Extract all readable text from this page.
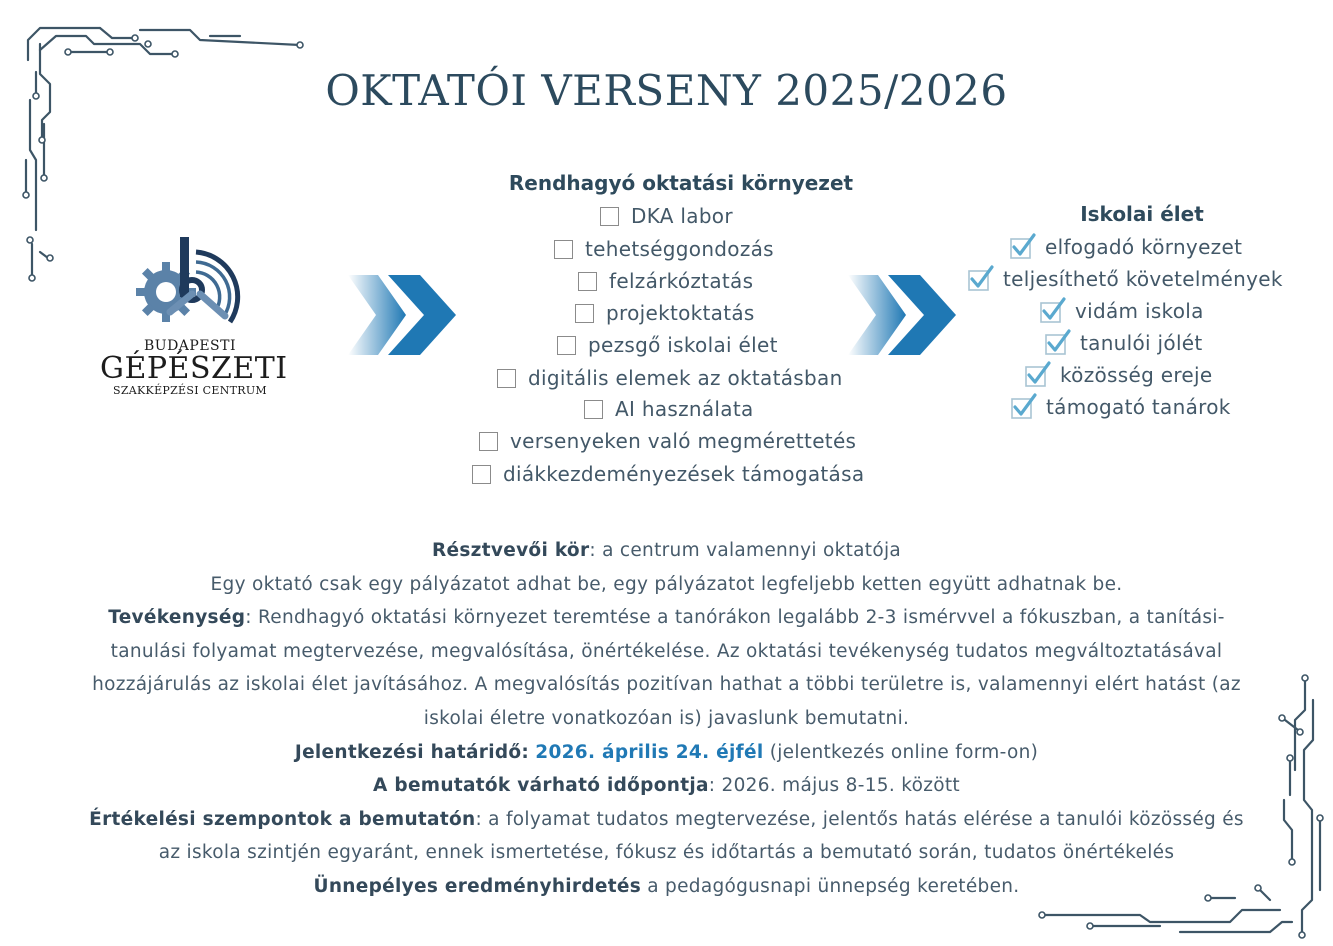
OKTATÓI VERSENY 2025/2026
BUDAPESTI
GÉPÉSZETI
SZAKKÉPZÉSI CENTRUM
Rendhagyó oktatási környezet
DKA labor
tehetséggondozás
felzárkóztatás
projektoktatás
pezsgő iskolai élet
digitális elemek az oktatásban
AI használata
versenyeken való megmérettetés
diákkezdeményezések támogatása
Iskolai élet
elfogadó környezet
teljesíthető követelmények
vidám iskola
tanulói jólét
közösség ereje
támogató tanárok
Résztvevői kör: a centrum valamennyi oktatója
Egy oktató csak egy pályázatot adhat be, egy pályázatot legfeljebb ketten együtt adhatnak be.
Tevékenység: Rendhagyó oktatási környezet teremtése a tanórákon legalább 2-3 ismérvvel a fókuszban, a tanítási-
tanulási folyamat megtervezése, megvalósítása, önértékelése. Az oktatási tevékenység tudatos megváltoztatásával
hozzájárulás az iskolai élet javításához. A megvalósítás pozitívan hathat a többi területre is, valamennyi elért hatást (az
iskolai életre vonatkozóan is) javaslunk bemutatni.
Jelentkezési határidő: 2026. április 24. éjfél (jelentkezés online form-on)
A bemutatók várható időpontja: 2026. május 8-15. között
Értékelési szempontok a bemutatón: a folyamat tudatos megtervezése, jelentős hatás elérése a tanulói közösség és
az iskola szintjén egyaránt, ennek ismertetése, fókusz és időtartás a bemutató során, tudatos önértékelés
Ünnepélyes eredményhirdetés a pedagógusnapi ünnepség keretében.
